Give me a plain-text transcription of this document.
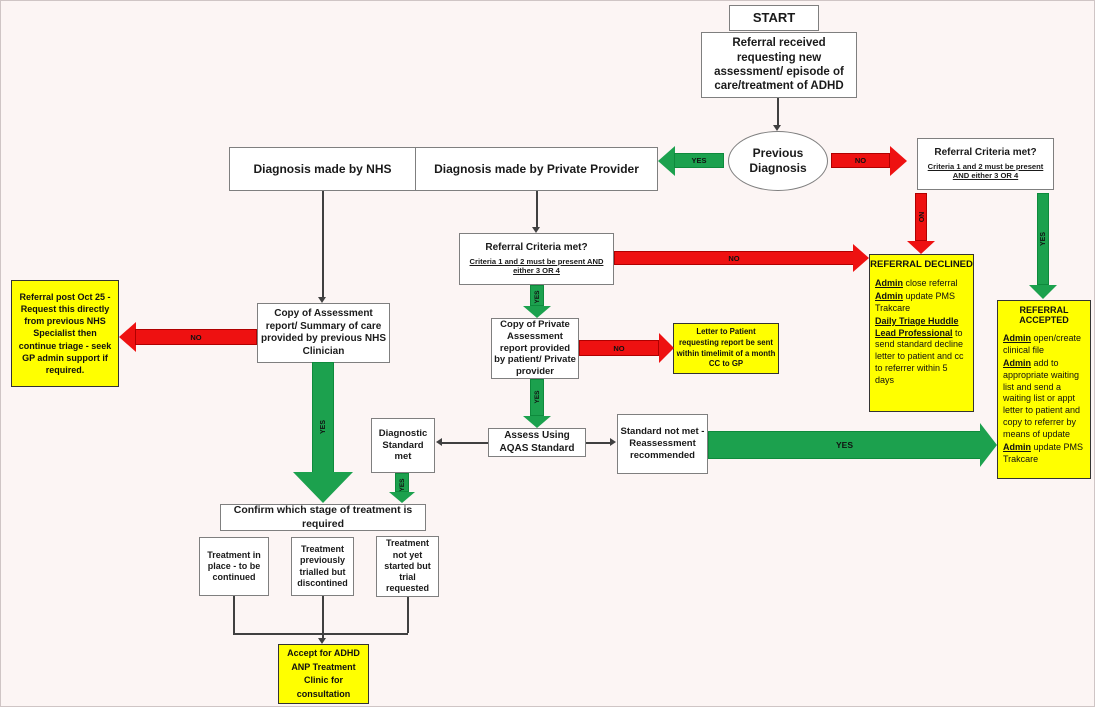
START
Referral received requesting new assessment/ episode of care/treatment of ADHD
Previous Diagnosis
Referral Criteria met?
Criteria 1 and 2 must be present AND either 3 OR 4
Diagnosis made by NHS	Diagnosis made by Private Provider
Referral Criteria met?
Criteria 1 and 2 must be present AND either 3 OR 4
Copy of Assessment report/ Summary of care provided by previous NHS Clinician
Copy of Private Assessment report provided by patient/ Private provider
Diagnostic Standard met
Assess Using AQAS Standard
Standard not met - Reassessment recommended
Confirm which stage of treatment is required
Treatment in place - to be continued
Treatment previously trialled but discontined
Treatment not yet started but trial requested
Referral post Oct 25 - Request this directly from previous NHS Specialist then continue triage - seek GP admin support if required.
Letter to Patient requesting report be sent within timelimit of a month CC to GP
REFERRAL DECLINED

Admin close referral

Admin update PMS Trakcare

Daily Triage Huddle Lead Professional to send standard decline letter to patient and cc to referrer within 5 days

REFERRAL ACCEPTED

Admin open/create clinical file

Admin add to appropriate waiting list and send a waiting list or appt letter to patient and copy to referrer by means of update

Admin update PMS Trakcare

Accept for ADHD ANP Treatment Clinic for consultation
YES	NO
NO
YES
NO
YES
NO
YES
NO
YES
YES
YES
